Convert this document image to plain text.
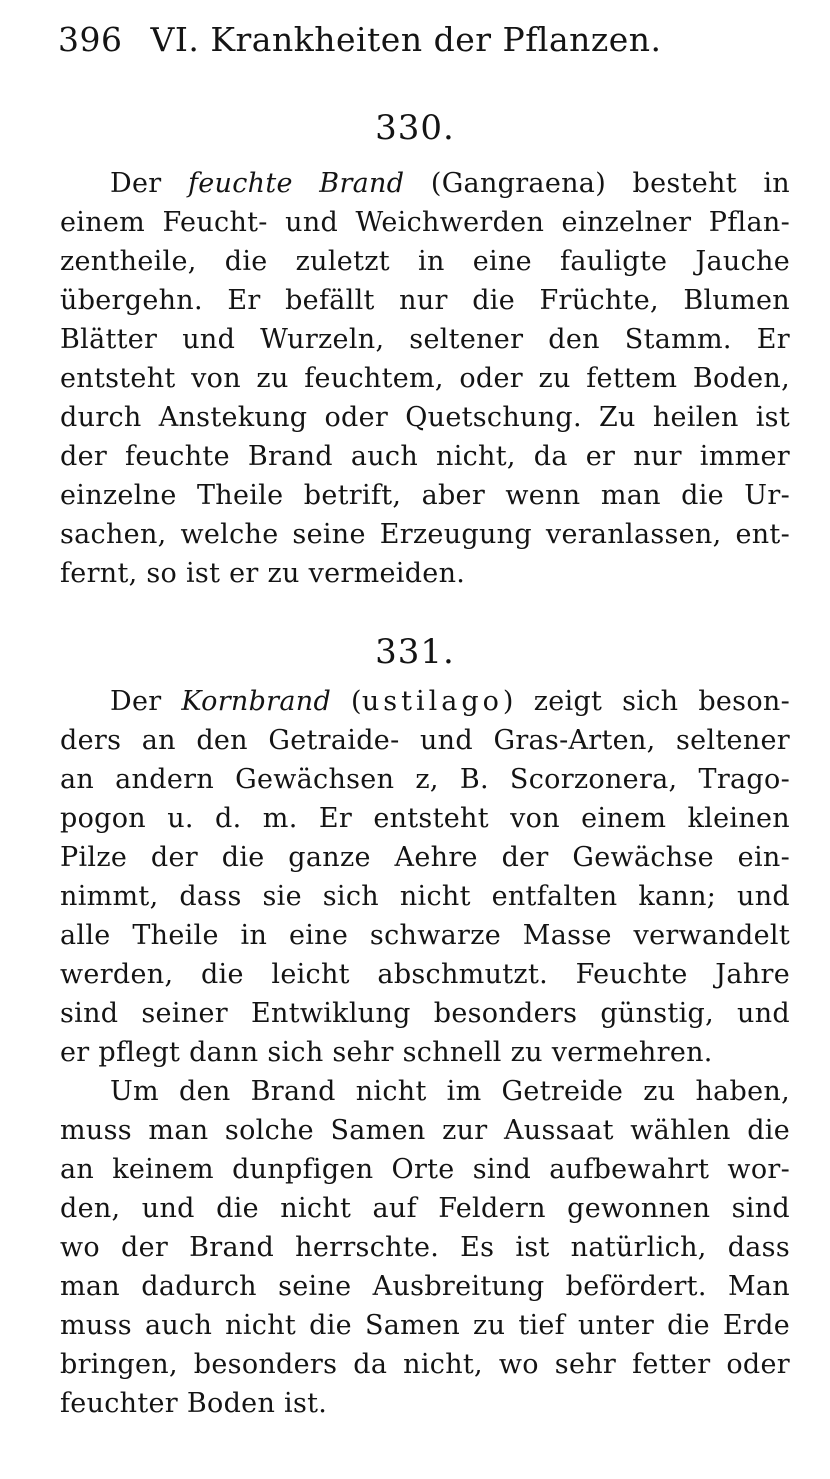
396 VI. Krankheiten der Pflanzen.
330.
Der feuchte Brand (Gangraena) besteht in
einem Feucht- und Weichwerden einzelner Pflan-
zentheile, die zuletzt in eine fauligte Jauche
übergehn. Er befällt nur die Früchte, Blumen
Blätter und Wurzeln, seltener den Stamm. Er
entsteht von zu feuchtem, oder zu fettem Boden,
durch Anstekung oder Quetschung. Zu heilen ist
der feuchte Brand auch nicht, da er nur immer
einzelne Theile betrift, aber wenn man die Ur-
sachen, welche seine Erzeugung veranlassen, ent-
fernt, so ist er zu vermeiden.
331.
Der Kornbrand (ustilago) zeigt sich beson-
ders an den Getraide- und Gras-Arten, seltener
an andern Gewächsen z, B. Scorzonera, Trago-
pogon u. d. m. Er entsteht von einem kleinen
Pilze der die ganze Aehre der Gewächse ein-
nimmt, dass sie sich nicht entfalten kann; und
alle Theile in eine schwarze Masse verwandelt
werden, die leicht abschmutzt. Feuchte Jahre
sind seiner Entwiklung besonders günstig, und
er pflegt dann sich sehr schnell zu vermehren.
Um den Brand nicht im Getreide zu haben,
muss man solche Samen zur Aussaat wählen die
an keinem dunpfigen Orte sind aufbewahrt wor-
den, und die nicht auf Feldern gewonnen sind
wo der Brand herrschte. Es ist natürlich, dass
man dadurch seine Ausbreitung befördert. Man
muss auch nicht die Samen zu tief unter die Erde
bringen, besonders da nicht, wo sehr fetter oder
feuchter Boden ist.
